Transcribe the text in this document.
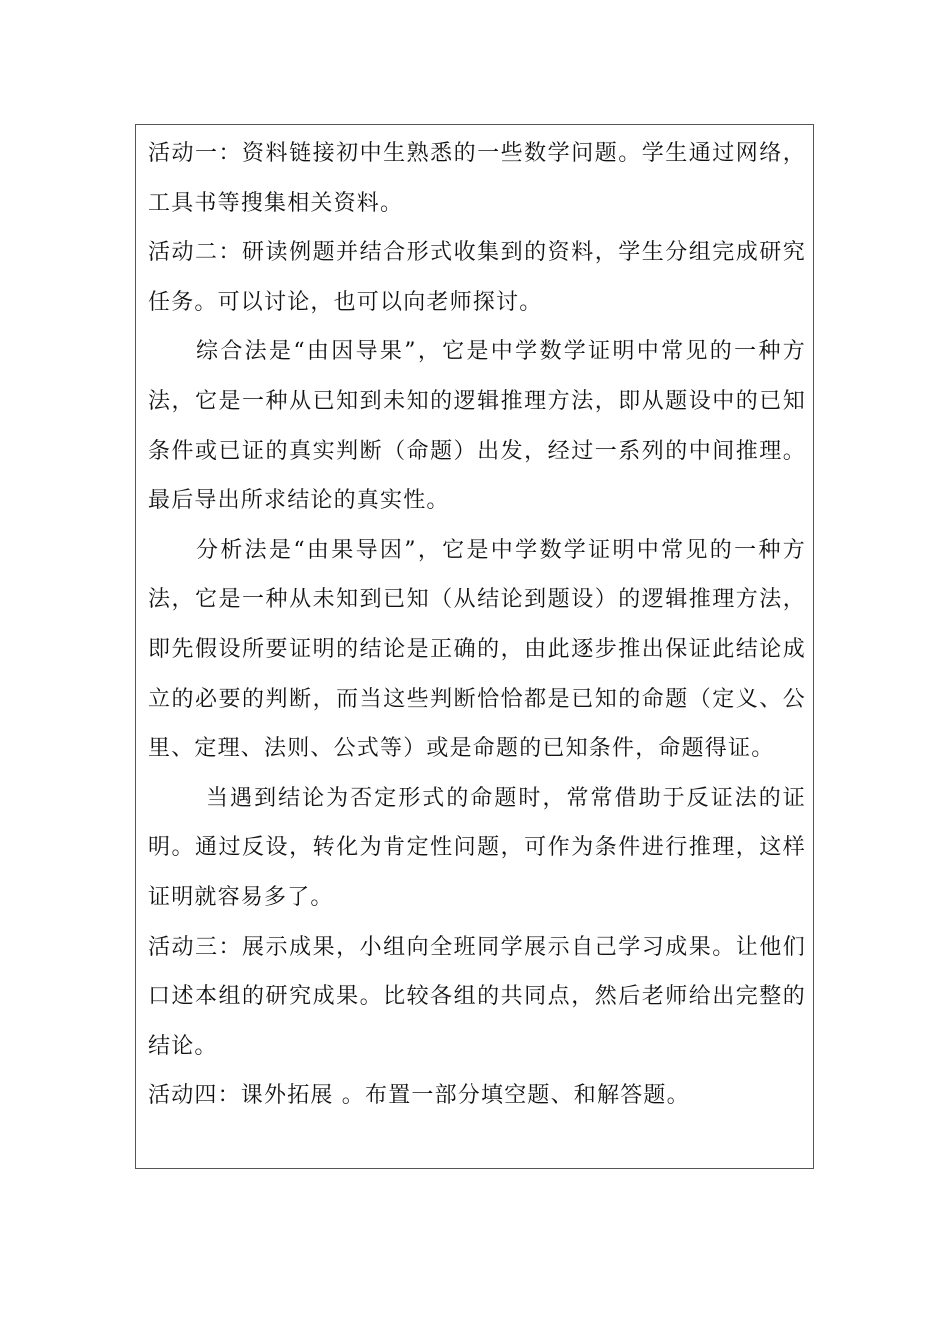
活动一：资料链接初中生熟悉的一些数学问题。学生通过网络，工具书等搜集相关资料。

活动二：研读例题并结合形式收集到的资料，学生分组完成研究任务。可以讨论，也可以向老师探讨。

综合法是“由因导果”，它是中学数学证明中常见的一种方法，它是一种从已知到未知的逻辑推理方法，即从题设中的已知条件或已证的真实判断（命题）出发，经过一系列的中间推理。最后导出所求结论的真实性。

分析法是“由果导因”，它是中学数学证明中常见的一种方法，它是一种从未知到已知（从结论到题设）的逻辑推理方法，即先假设所要证明的结论是正确的，由此逐步推出保证此结论成立的必要的判断，而当这些判断恰恰都是已知的命题（定义、公里、定理、法则、公式等）或是命题的已知条件，命题得证。

当遇到结论为否定形式的命题时，常常借助于反证法的证明。通过反设，转化为肯定性问题，可作为条件进行推理，这样证明就容易多了。

活动三：展示成果，小组向全班同学展示自己学习成果。让他们口述本组的研究成果。比较各组的共同点，然后老师给出完整的结论。

活动四：课外拓展 。布置一部分填空题、和解答题。
